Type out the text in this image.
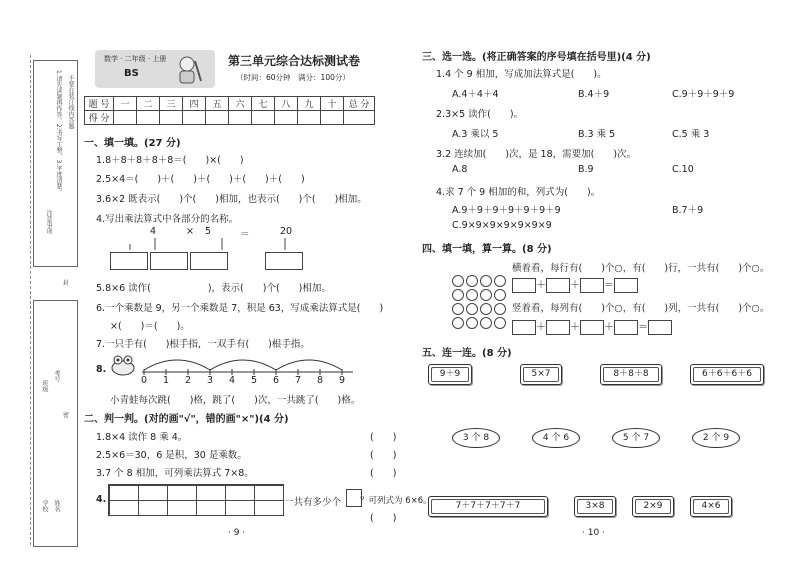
注意事项
1.请先读题再作答。2.书写工整。3.字迹清楚。 不要在装订线内答题
封
班级
考号
学校 姓名
密
数学 · 二年级 · 上册
BS
第三单元综合达标测试卷
（时间：60分钟　满分：100分）
题 号	一	二	三	四	五	六	七	八	九	十	总 分
得 分											
一、填一填。(27 分)
1.8＋8＋8＋8＋8＝(　　)×(　　)
2.5×4＝(　　)＋(　　)＋(　　)＋(　　)＋(　　)
3.6×2 既表示(　　)个(　　)相加，也表示(　　)个(　　)相加。
4.写出乘法算式中各部分的名称。
4	× 5	＝	20
5.8×6 读作(　　　　　　)，表示(　　)个(　　)相加。
6.一个乘数是 9，另一个乘数是 7，积是 63，写成乘法算式是(　　)
×(　　)＝(　　)。
7.一只手有(　　)根手指，一双手有(　　)根手指。
8.
0 1 2 3 4 5 6 7 8 9
小青蛙每次跳(　　)格，跳了(　　)次，一共跳了(　　)格。
二、判一判。(对的画"√"，错的画"×")(4 分)
1.8×4 读作 8 乘 4。	(　　)
2.5×6＝30，6 是积，30 是乘数。	(　　)
3.7 个 8 相加，可列乘法算式 7×8。	(　　)
4.	一共有多少个 ？可列式为 6×6。
(　　)
· 9 ·
三、选一选。(将正确答案的序号填在括号里)(4 分)
1.4 个 9 相加，写成加法算式是(　　)。
A.4＋4＋4	B.4＋9	C.9＋9＋9＋9
2.3×5 读作(　　)。
A.3 乘以 5	B.3 乘 5	C.5 乘 3
3.2 连续加(　　)次，是 18，需要加(　　)次。
A.8	B.9	C.10
4.求 7 个 9 相加的和，列式为(　　)。
A.9＋9＋9＋9＋9＋9＋9	B.7＋9
C.9×9×9×9×9×9×9
四、填一填，算一算。(8 分)
横着看，每行有(　　)个○，有(　　)行，一共有(　　)个○。
＋ ＋ ＝
竖着看，每列有(　　)个○，有(　　)列，一共有(　　)个○。
＋ ＋ ＋ ＝
五、连一连。(8 分)
9＋9	5×7	8＋8＋8	6＋6＋6＋6
3 个 8	4 个 6	5 个 7	2 个 9
7＋7＋7＋7＋7	3×8	2×9	4×6
· 10 ·
